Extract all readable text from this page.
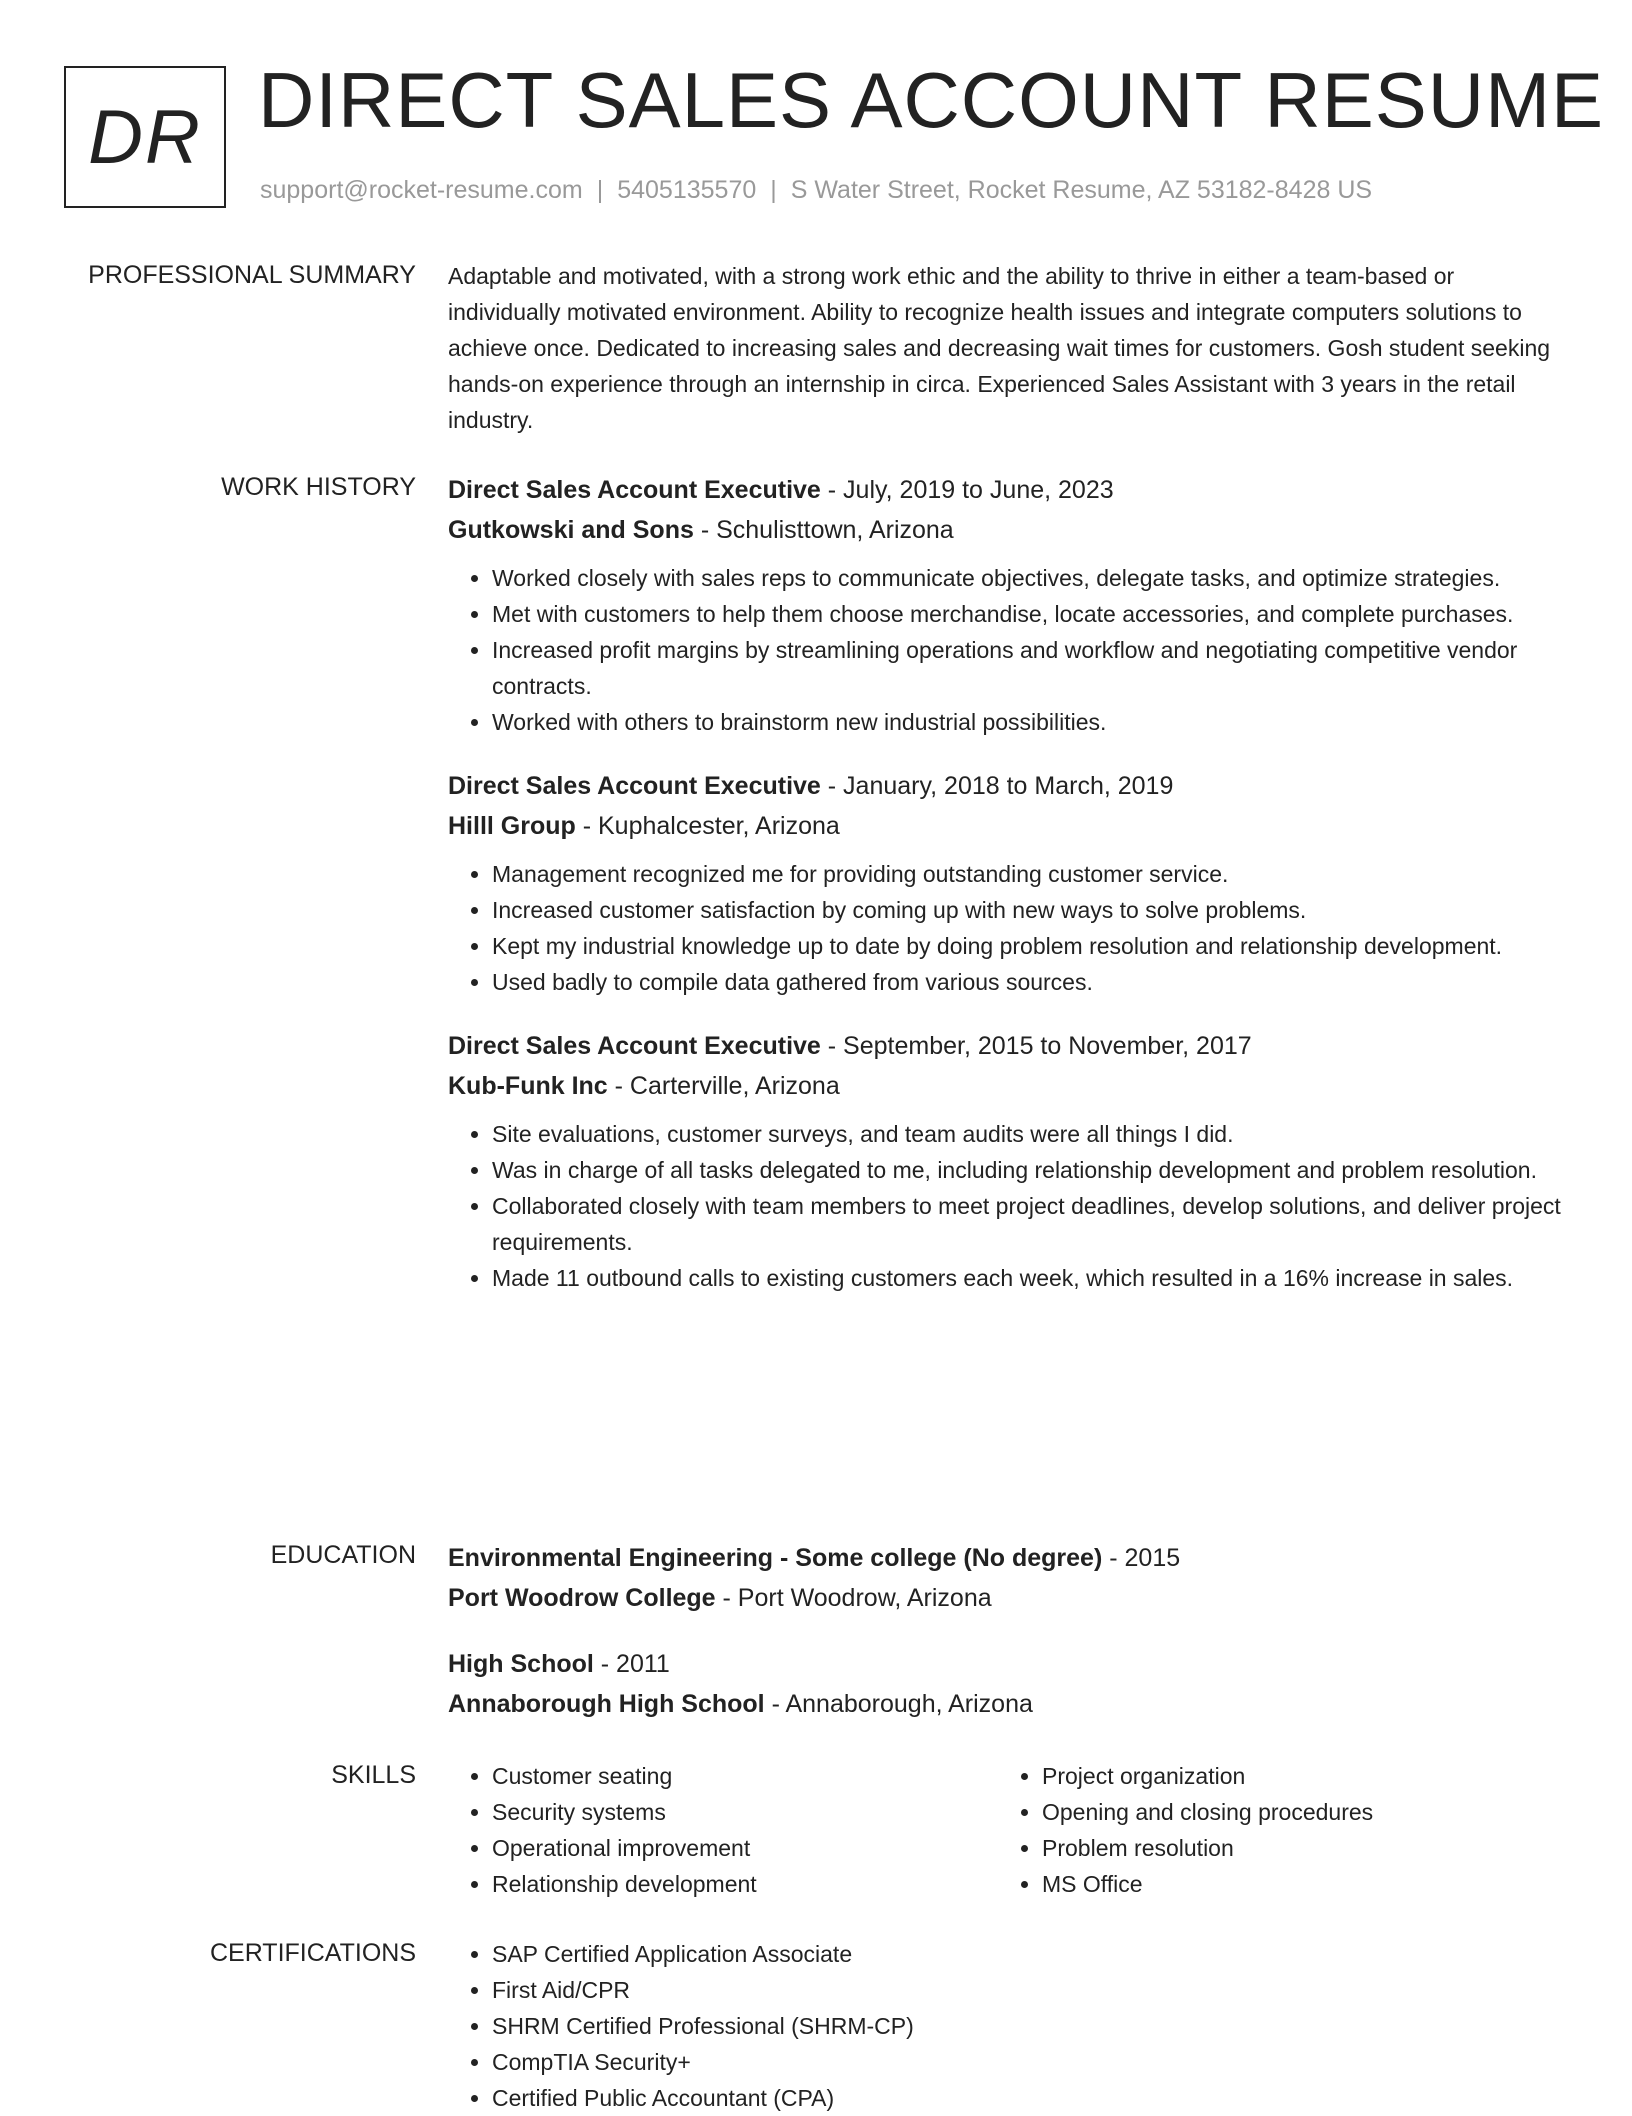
DR DIRECT SALES ACCOUNT RESUME
support@rocket-resume.com | 5405135570 | S Water Street, Rocket Resume, AZ 53182-8428 US
PROFESSIONAL SUMMARY Adaptable and motivated, with a strong work ethic and the ability to thrive in either a team-based or individually motivated environment. Ability to recognize health issues and integrate computers solutions to achieve once. Dedicated to increasing sales and decreasing wait times for customers. Gosh student seeking hands-on experience through an internship in circa. Experienced Sales Assistant with 3 years in the retail industry.
WORK HISTORY Direct Sales Account Executive - July, 2019 to June, 2023
Gutkowski and Sons - Schulisttown, Arizona
• Worked closely with sales reps to communicate objectives, delegate tasks, and optimize strategies.
• Met with customers to help them choose merchandise, locate accessories, and complete purchases.
• Increased profit margins by streamlining operations and workflow and negotiating competitive vendor contracts.
• Worked with others to brainstorm new industrial possibilities.
Direct Sales Account Executive - January, 2018 to March, 2019
Hilll Group - Kuphalcester, Arizona
• Management recognized me for providing outstanding customer service.
• Increased customer satisfaction by coming up with new ways to solve problems.
• Kept my industrial knowledge up to date by doing problem resolution and relationship development.
• Used badly to compile data gathered from various sources.
Direct Sales Account Executive - September, 2015 to November, 2017
Kub-Funk Inc - Carterville, Arizona
• Site evaluations, customer surveys, and team audits were all things I did.
• Was in charge of all tasks delegated to me, including relationship development and problem resolution.
• Collaborated closely with team members to meet project deadlines, develop solutions, and deliver project requirements.
• Made 11 outbound calls to existing customers each week, which resulted in a 16% increase in sales.
EDUCATION Environmental Engineering - Some college (No degree) - 2015
Port Woodrow College - Port Woodrow, Arizona
High School - 2011
Annaborough High School - Annaborough, Arizona
SKILLS	• Customer seating
• Security systems
• Operational improvement
• Relationship development
• Project organization
• Opening and closing procedures
• Problem resolution
• MS Office
CERTIFICATIONS	• SAP Certified Application Associate
• First Aid/CPR
• SHRM Certified Professional (SHRM-CP)
• CompTIA Security+
• Certified Public Accountant (CPA)
